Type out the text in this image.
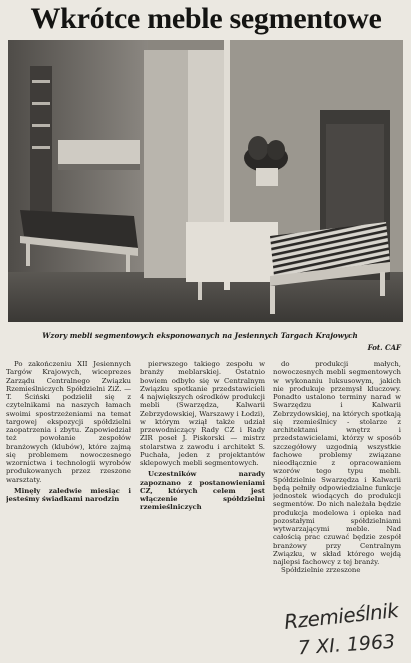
Wkrótce meble segmentowe
Wzory mebli segmentowych eksponowanych na Jesiennych Targach Krajowych
Fot. CAF

Po zakończeniu XII Jesiennych Targów Krajowych, wiceprezes Zarządu Centralnego Związku Rzemieślniczych Spółdzielni ZiZ. — T. Ściński podzielił się z czytelnikami na naszych łamach swoimi spostrzeżeniami na temat targowej ekspozycji spółdzielni zaopatrzenia i zbytu. Zapowiedział też powołanie zespołów branżowych (klubów), które zajmą się problemem nowoczesnego wzornictwa i technologii wyrobów produkowanych przez rzeszone warsztaty.

Minęły zaledwie miesiąc i jesteśmy świadkami narodzin

pierwszego takiego zespołu w branży meblarskiej. Ostatnio bowiem odbyło się w Centralnym Związku spotkanie przedstawicieli 4 największych ośrodków produkcji mebli (Swarzędza, Kalwarii Zebrzydowskiej, Warszawy i Łodzi), w którym wziął także udział przewodniczący Rady CZ i Rady ZIR poseł J. Piskorski — mistrz stolarstwa z zawodu i architekt S. Puchała, jeden z projektantów sklepowych mebli segmentowych.

Uczestników narady zapoznano z postanowieniami CZ, których celem jest włączenie spółdzielni rzemieślniczych

do produkcji małych, nowoczesnych mebli segmentowych w wykonaniu luksusowym, jakich nie produkuje przemysł kluczowy. Ponadto ustalono terminy narad w Swarzędzu i Kalwarii Zebrzydowskiej, na których spotkają się rzemieślnicy - stolarze z architektami wnętrz i przedstawicielami, którzy w sposób szczegółowy uzgodnią wszystkie fachowe problemy związane nieodłącznie z opracowaniem wzorów tego typu mebli. Spółdzielnie Swarzędza i Kalwarii będą pełniły odpowiedzialne funkcje jednostek wiodących do produkcji segmentów. Do nich należała będzie produkcja modelowa i opieka nad pozostałymi spółdzielniami wytwarzającymi meble. Nad całością prac czuwać będzie zespół branżowy przy Centralnym Związku, w skład którego wejdą najlepsi fachowcy z tej branży.

Spółdzielnie zrzeszone

Rzemieślnik
7 XI. 1963
